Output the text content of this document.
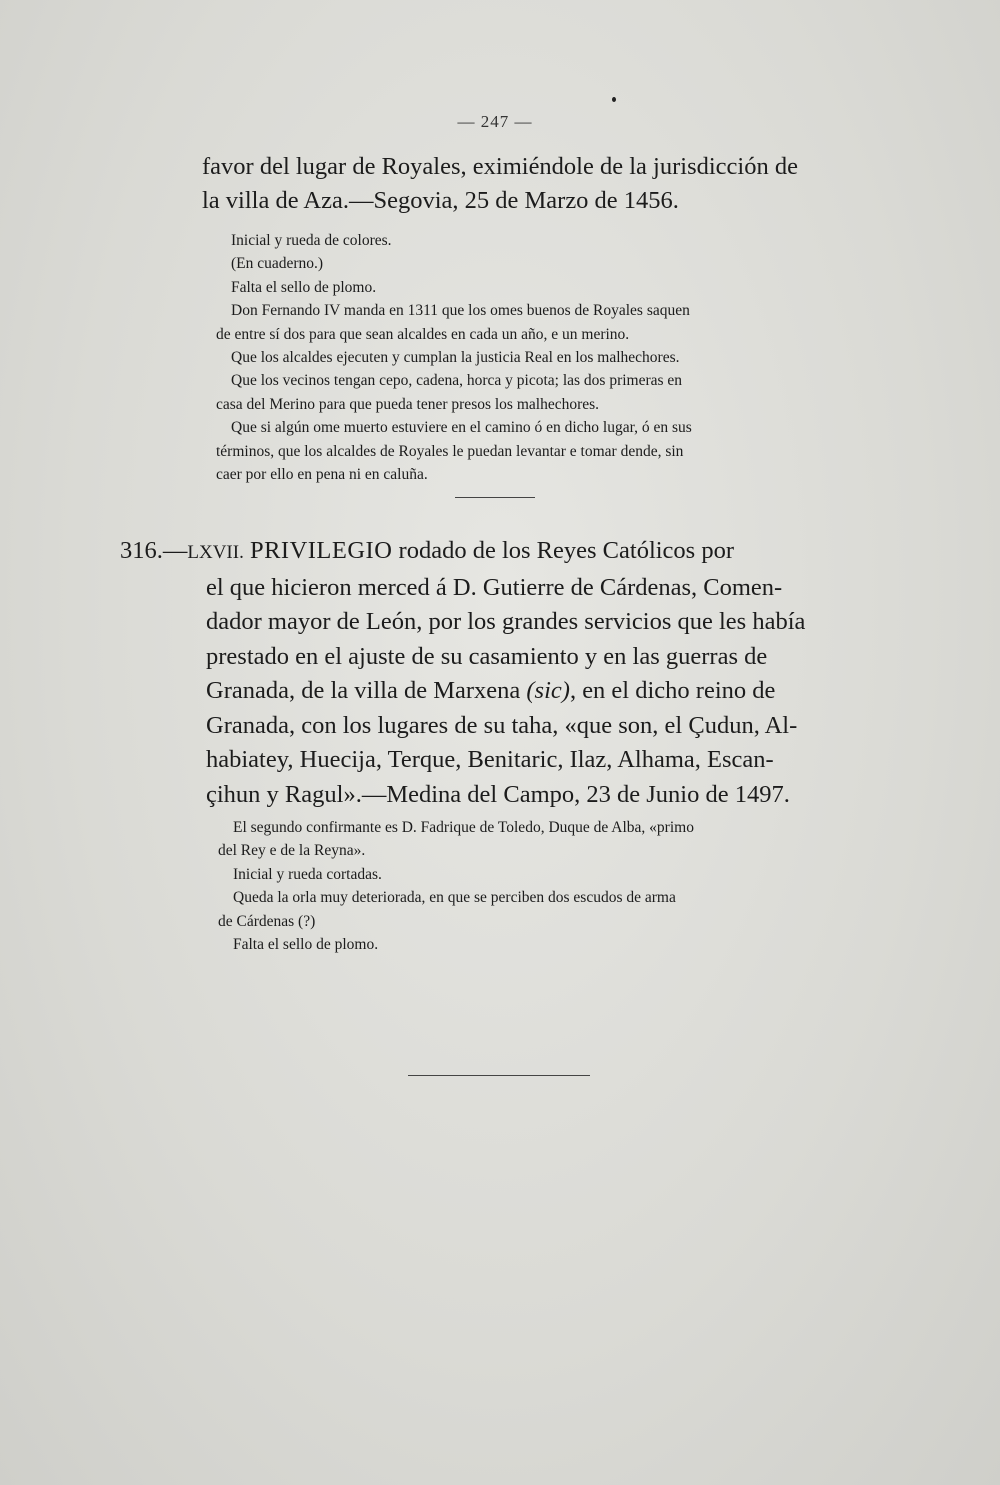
— 247 —
favor del lugar de Royales, eximiéndole de la jurisdicción de
la villa de Aza.—Segovia, 25 de Marzo de 1456.
Inicial y rueda de colores.
(En cuaderno.)
Falta el sello de plomo.
Don Fernando IV manda en 1311 que los omes buenos de Royales saquen
de entre sí dos para que sean alcaldes en cada un año, e un merino.
Que los alcaldes ejecuten y cumplan la justicia Real en los malhechores.
Que los vecinos tengan cepo, cadena, horca y picota; las dos primeras en
casa del Merino para que pueda tener presos los malhechores.
Que si algún ome muerto estuviere en el camino ó en dicho lugar, ó en sus
términos, que los alcaldes de Royales le puedan levantar e tomar dende, sin
caer por ello en pena ni en caluña.
316.—LXVII. PRIVILEGIO rodado de los Reyes Católicos por
el que hicieron merced á D. Gutierre de Cárdenas, Comen-
dador mayor de León, por los grandes servicios que les había
prestado en el ajuste de su casamiento y en las guerras de
Granada, de la villa de Marxena (sic), en el dicho reino de
Granada, con los lugares de su taha, «que son, el Çudun, Al-
habiatey, Huecija, Terque, Benitaric, Ilaz, Alhama, Escan-
çihun y Ragul».—Medina del Campo, 23 de Junio de 1497.
El segundo confirmante es D. Fadrique de Toledo, Duque de Alba, «primo
del Rey e de la Reyna».
Inicial y rueda cortadas.
Queda la orla muy deteriorada, en que se perciben dos escudos de arma
de Cárdenas (?)
Falta el sello de plomo.
